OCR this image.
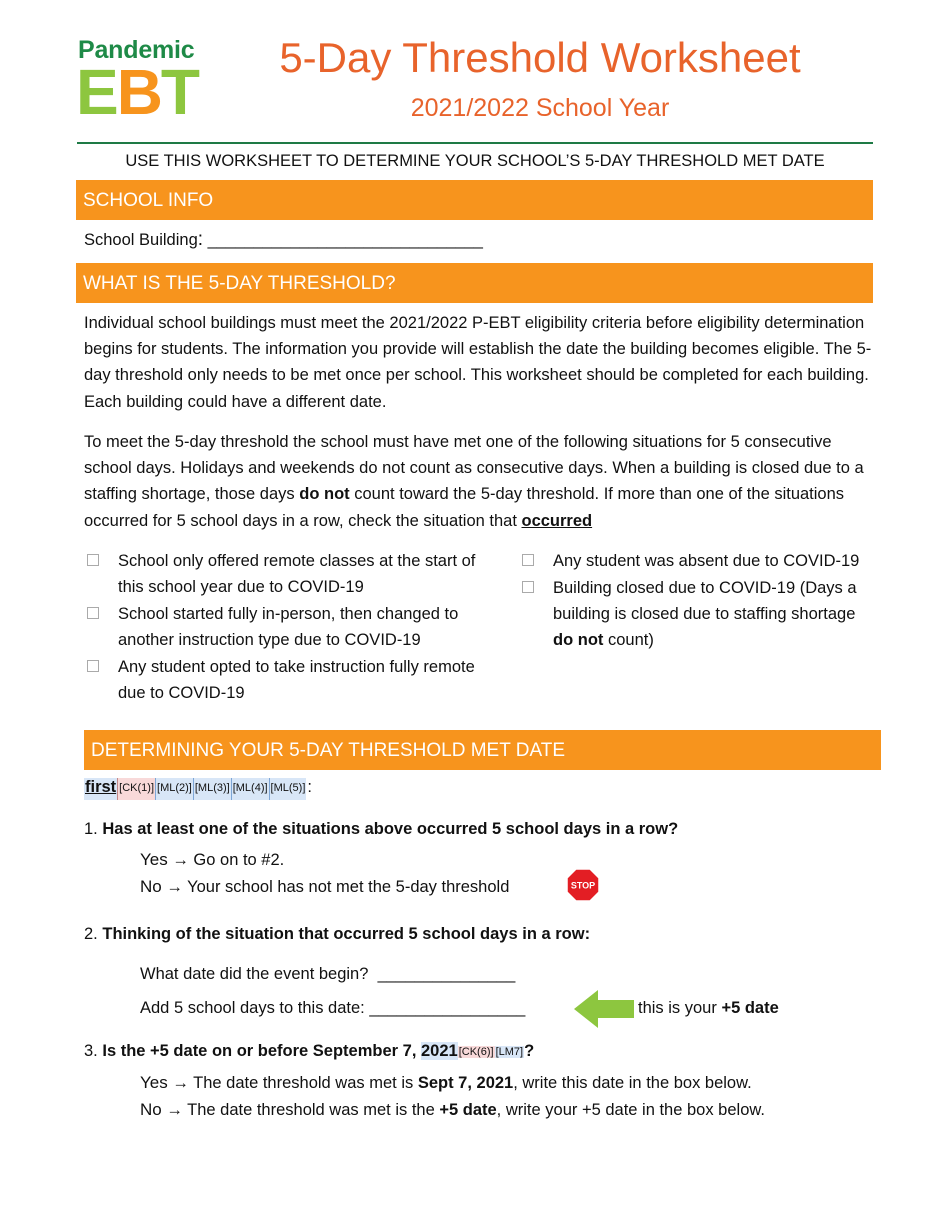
Pandemic
EBT	5-Day Threshold Worksheet
2021/2022 School Year
USE THIS WORKSHEET TO DETERMINE YOUR SCHOOL’S 5-DAY THRESHOLD MET DATE
SCHOOL INFO
School Building: ______________________________
WHAT IS THE 5-DAY THRESHOLD?
Individual school buildings must meet the 2021/2022 P-EBT eligibility criteria before eligibility determination begins for students. The information you provide will establish the date the building becomes eligible. The 5-day threshold only needs to be met once per school. This worksheet should be completed for each building. Each building could have a different date.
To meet the 5-day threshold the school must have met one of the following situations for 5 consecutive school days. Holidays and weekends do not count as consecutive days. When a building is closed due to a staffing shortage, those days do not count toward the 5-day threshold. If more than one of the situations occurred for 5 school days in a row, check the situation that occurred
School only offered remote classes at the start of this school year due to COVID-19
School started fully in-person, then changed to another instruction type due to COVID-19
Any student opted to take instruction fully remote due to COVID-19
Any student was absent due to COVID-19
Building closed due to COVID-19 (Days a building is closed due to staffing shortage do not count)
DETERMINING YOUR 5-DAY THRESHOLD MET DATE
first [CK(1)] [ML(2)] [ML(3)] [ML(4)] [ML(5)] :
1. Has at least one of the situations above occurred 5 school days in a row?
Yes → Go on to #2.
No → Your school has not met the 5-day threshold	STOP
2. Thinking of the situation that occurred 5 school days in a row:
What date did the event begin? _______________
Add 5 school days to this date: _________________	this is your +5 date
3. Is the +5 date on or before September 7, 2021[CK(6)] [LM7]?
Yes → The date threshold was met is Sept 7, 2021, write this date in the box below.
No → The date threshold was met is the +5 date, write your +5 date in the box below.
